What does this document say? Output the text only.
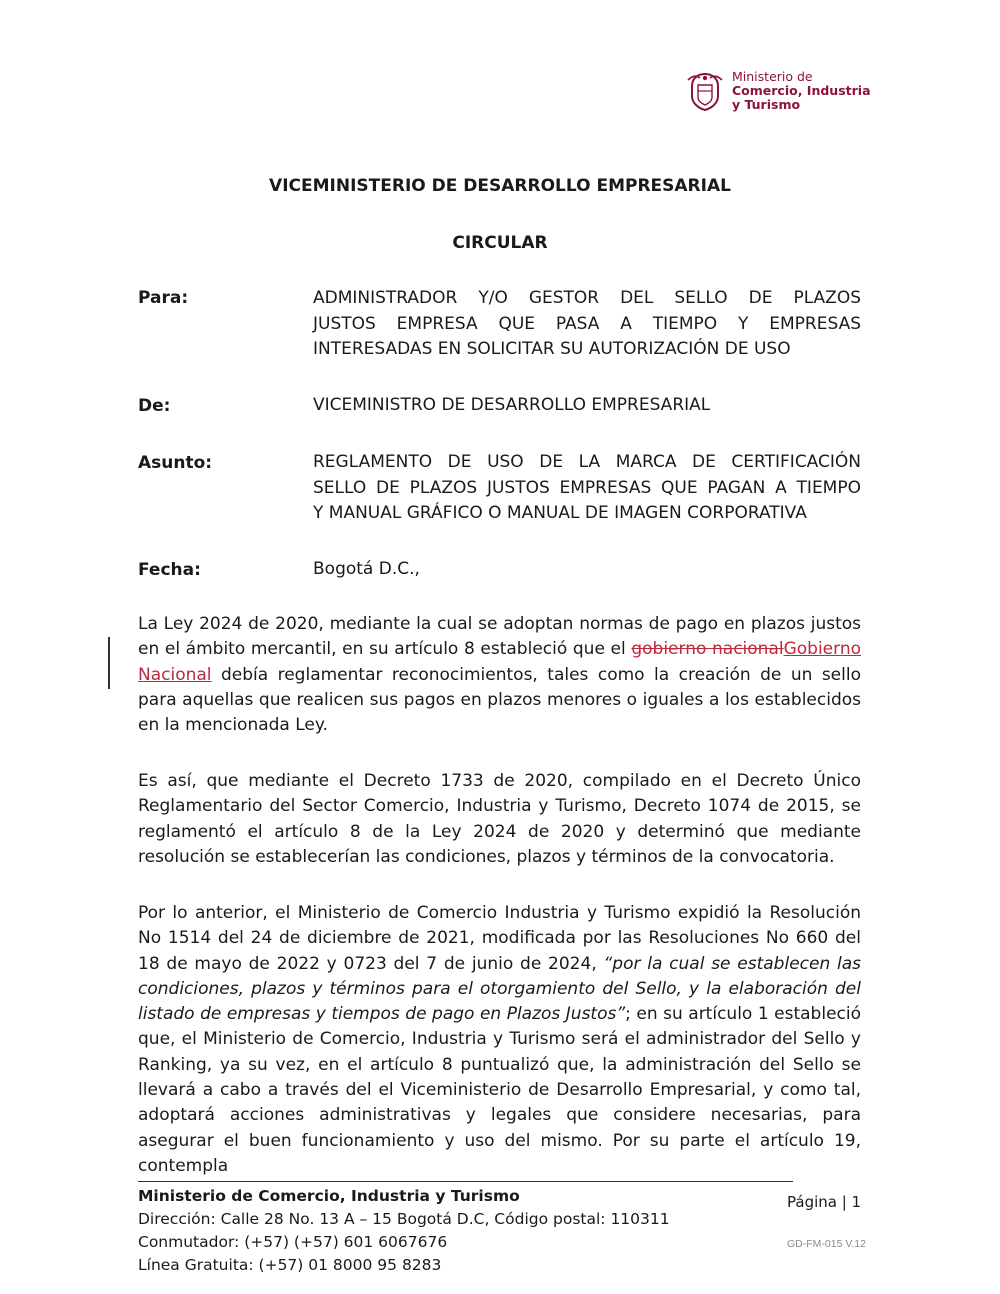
Ministerio de
Comercio, Industria
y Turismo
VICEMINISTERIO DE DESARROLLO EMPRESARIAL
CIRCULAR
Para:	ADMINISTRADOR Y/O GESTOR DEL SELLO DE PLAZOS
JUSTOS EMPRESA QUE PASA A TIEMPO Y EMPRESAS
INTERESADAS EN SOLICITAR SU AUTORIZACIÓN DE USO
De:	VICEMINISTRO DE DESARROLLO EMPRESARIAL
Asunto:	REGLAMENTO DE USO DE LA MARCA DE CERTIFICACIÓN
SELLO DE PLAZOS JUSTOS EMPRESAS QUE PAGAN A TIEMPO
Y MANUAL GRÁFICO O MANUAL DE IMAGEN CORPORATIVA
Fecha:	Bogotá D.C.,
La Ley 2024 de 2020, mediante la cual se adoptan normas de pago en plazos justos en el ámbito mercantil, en su artículo 8 estableció que el gobierno nacionalGobierno Nacional debía reglamentar reconocimientos, tales como la creación de un sello para aquellas que realicen sus pagos en plazos menores o iguales a los establecidos en la mencionada Ley.
Es así, que mediante el Decreto 1733 de 2020, compilado en el Decreto Único Reglamentario del Sector Comercio, Industria y Turismo, Decreto 1074 de 2015, se reglamentó el artículo 8 de la Ley 2024 de 2020 y determinó que mediante resolución se establecerían las condiciones, plazos y términos de la convocatoria.
Por lo anterior, el Ministerio de Comercio Industria y Turismo expidió la Resolución No 1514 del 24 de diciembre de 2021, modificada por las Resoluciones No 660 del 18 de mayo de 2022 y 0723 del 7 de junio de 2024, “por la cual se establecen las condiciones, plazos y términos para el otorgamiento del Sello, y la elaboración del listado de empresas y tiempos de pago en Plazos Justos”; en su artículo 1 estableció que, el Ministerio de Comercio, Industria y Turismo será el administrador del Sello y Ranking, ya su vez, en el artículo 8 puntualizó que, la administración del Sello se llevará a cabo a través del el Viceministerio de Desarrollo Empresarial, y como tal, adoptará acciones administrativas y legales que considere necesarias, para asegurar el buen funcionamiento y uso del mismo. Por su parte el artículo 19, contempla
Ministerio de Comercio, Industria y Turismo
Dirección: Calle 28 No. 13 A – 15 Bogotá D.C, Código postal: 110311
Conmutador: (+57) (+57) 601 6067676
Línea Gratuita: (+57) 01 8000 95 8283
Página | 1
GD-FM-015 V.12
